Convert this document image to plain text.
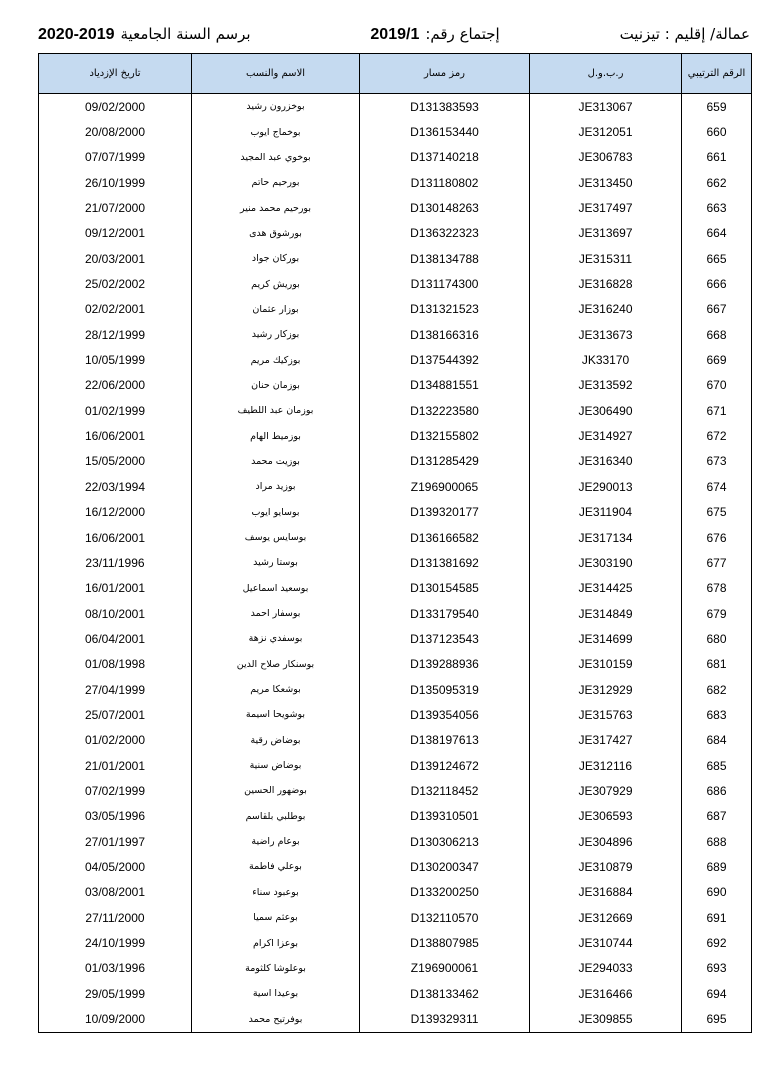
عمالة/ إقليم : تيزنيت
إجتماع رقم:
2019/1
برسم السنة الجامعية
2020-2019
الرقم الترتيبي	ر.ب.و.ل	رمز مسار	الاسم والنسب	تاريخ الإزدياد
659	JE313067	D131383593	بوخزرون رشيد	09/02/2000
660	JE312051	D136153440	بوخماج ايوب	20/08/2000
661	JE306783	D137140218	بوخوي عبد المجيد	07/07/1999
662	JE313450	D131180802	بورحيم حاتم	26/10/1999
663	JE317497	D130148263	بورحيم محمد منير	21/07/2000
664	JE313697	D136322323	بورشوق هدى	09/12/2001
665	JE315311	D138134788	بوركان جواد	20/03/2001
666	JE316828	D131174300	بوريش كريم	25/02/2002
667	JE316240	D131321523	بوزار عثمان	02/02/2001
668	JE313673	D138166316	بوزكار رشيد	28/12/1999
669	JK33170	D137544392	بوزكيك مريم	10/05/1999
670	JE313592	D134881551	بوزمان حنان	22/06/2000
671	JE306490	D132223580	بوزمان عبد اللطيف	01/02/1999
672	JE314927	D132155802	بوزميط الهام	16/06/2001
673	JE316340	D131285429	بوزيت محمد	15/05/2000
674	JE290013	Z196900065	بوزيد مراد	22/03/1994
675	JE311904	D139320177	بوسايو ايوب	16/12/2000
676	JE317134	D136166582	بوسايس يوسف	16/06/2001
677	JE303190	D131381692	بوستا رشيد	23/11/1996
678	JE314425	D130154585	بوسعيد اسماعيل	16/01/2001
679	JE314849	D133179540	بوسفار احمد	08/10/2001
680	JE314699	D137123543	بوسفدي نزهة	06/04/2001
681	JE310159	D139288936	بوسنكار صلاح الدين	01/08/1998
682	JE312929	D135095319	بوشعكا مريم	27/04/1999
683	JE315763	D139354056	بوشويحا اسيمة	25/07/2001
684	JE317427	D138197613	بوضاض رقية	01/02/2000
685	JE312116	D139124672	بوضاض سنية	21/01/2001
686	JE307929	D132118452	بوضهور الحسين	07/02/1999
687	JE306593	D139310501	بوطلبي بلقاسم	03/05/1996
688	JE304896	D130306213	بوعام راضية	27/01/1997
689	JE310879	D130200347	بوعلي فاطمة	04/05/2000
690	JE316884	D133200250	بوعبود سناء	03/08/2001
691	JE312669	D132110570	بوعثم سميا	27/11/2000
692	JE310744	D138807985	بوعزا اكرام	24/10/1999
693	JE294033	Z196900061	بوعلوشا كلثومة	01/03/1996
694	JE316466	D138133462	بوعيدا اسية	29/05/1999
695	JE309855	D139329311	بوفرتيح محمد	10/09/2000
